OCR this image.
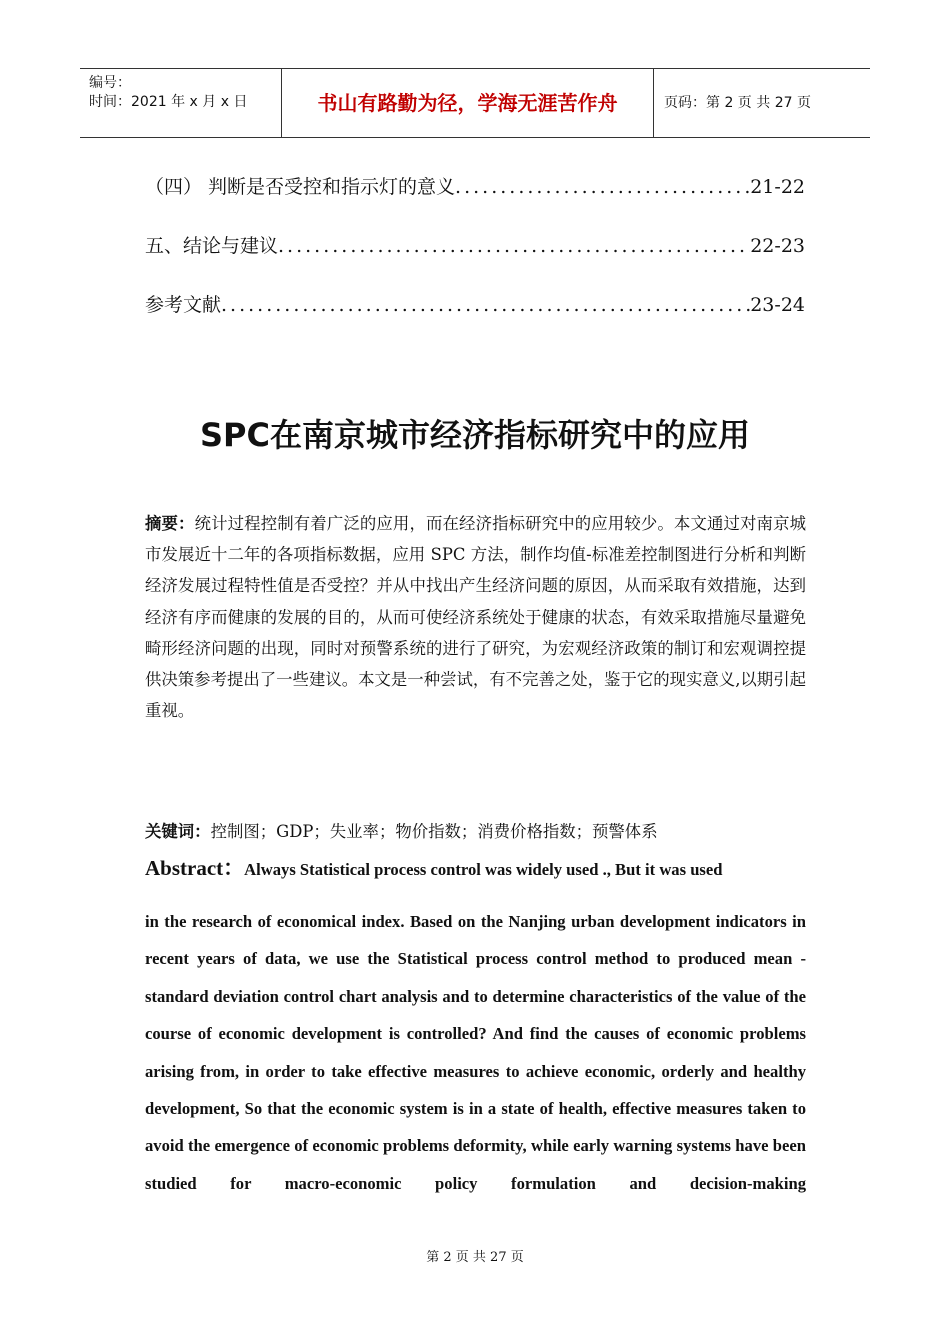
编号：
时间：2021 年 x 月 x 日	书山有路勤为径，学海无涯苦作舟	页码：第 2 页 共 27 页
（四） 判断是否受控和指示灯的意义 .....	21-22
五、结论与建议 .....	22-23
参考文献 .....	23-24
SPC在南京城市经济指标研究中的应用
摘要：统计过程控制有着广泛的应用，而在经济指标研究中的应用较少。本文通过对南京城市发展近十二年的各项指标数据，应用 SPC 方法，制作均值-标准差控制图进行分析和判断经济发展过程特性值是否受控？并从中找出产生经济问题的原因，从而采取有效措施，达到经济有序而健康的发展的目的，从而可使经济系统处于健康的状态，有效采取措施尽量避免畸形经济问题的出现，同时对预警系统的进行了研究，为宏观经济政策的制订和宏观调控提供决策参考提出了一些建议。本文是一种尝试，有不完善之处，鉴于它的现实意义,以期引起重视。
关键词：控制图；GDP；失业率；物价指数；消费价格指数；预警体系
Abstract：Always Statistical process control was widely used ., But it was used
in the research of economical index. Based on the Nanjing urban development indicators in recent years of data, we use the Statistical process control method to produced mean - standard deviation control chart analysis and to determine characteristics of the value of the course of economic development is controlled? And find the causes of economic problems arising from, in order to take effective measures to achieve economic, orderly and healthy development, So that the economic system is in a state of health, effective measures taken to avoid the emergence of economic problems deformity, while early warning systems have been studied for macro-economic policy formulation and decision-making
第 2 页 共 27 页
